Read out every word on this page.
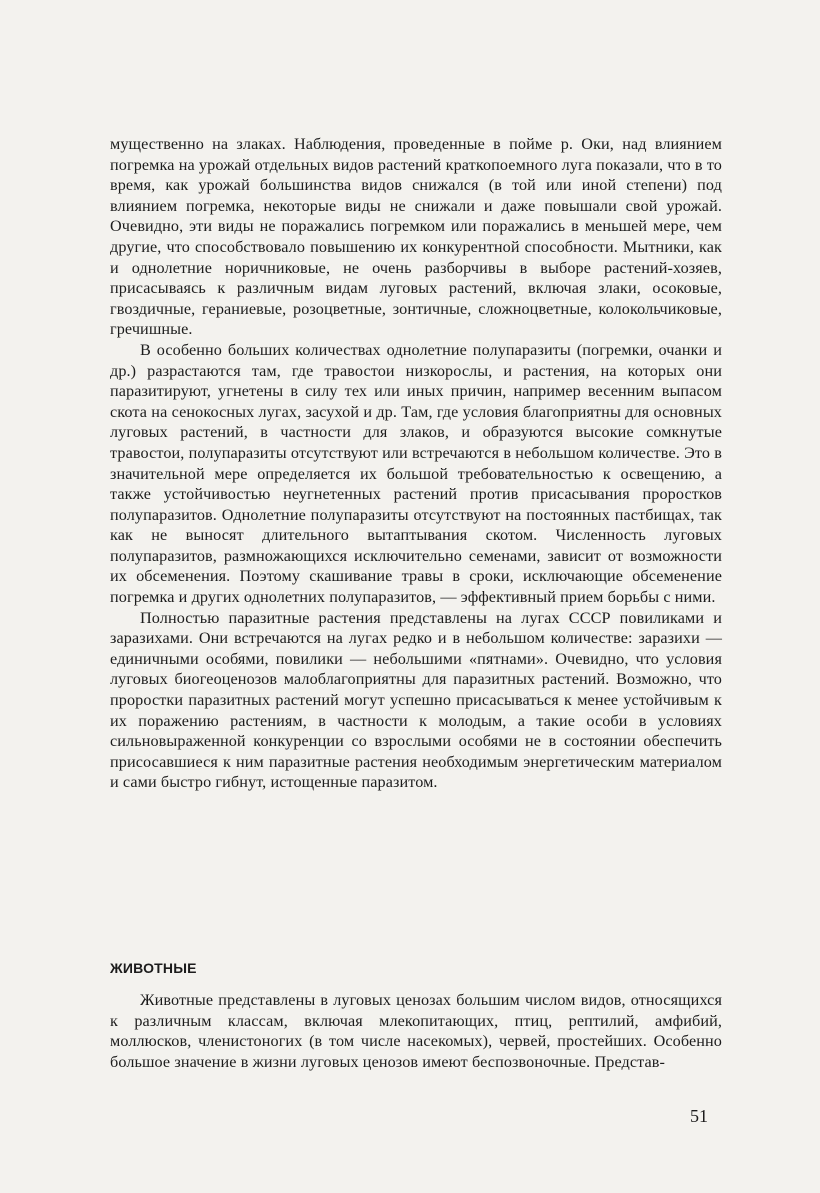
мущественно на злаках. Наблюдения, проведенные в пойме р. Оки, над влиянием погремка на урожай отдельных видов растений краткопоемного луга показали, что в то время, как урожай большинства видов снижался (в той или иной степени) под влиянием погремка, некоторые виды не снижали и даже повышали свой урожай. Очевидно, эти виды не поражались погремком или поражались в меньшей мере, чем другие, что способствовало повышению их конкурентной способности. Мытники, как и однолетние норичниковые, не очень разборчивы в выборе растений-хозяев, присасываясь к различным видам луговых растений, включая злаки, осоковые, гвоздичные, гераниевые, розоцветные, зонтичные, сложноцветные, колокольчиковые, гречишные.

В особенно больших количествах однолетние полупаразиты (погремки, очанки и др.) разрастаются там, где травостои низкорослы, и растения, на которых они паразитируют, угнетены в силу тех или иных причин, например весенним выпасом скота на сенокосных лугах, засухой и др. Там, где условия благоприятны для основных луговых растений, в частности для злаков, и образуются высокие сомкнутые травостои, полупаразиты отсутствуют или встречаются в небольшом количестве. Это в значительной мере определяется их большой требовательностью к освещению, а также устойчивостью неугнетенных растений против присасывания проростков полупаразитов. Однолетние полупаразиты отсутствуют на постоянных пастбищах, так как не выносят длительного вытаптывания скотом. Численность луговых полупаразитов, размножающихся исключительно семенами, зависит от возможности их обсеменения. Поэтому скашивание травы в сроки, исключающие обсеменение погремка и других однолетних полупаразитов, — эффективный прием борьбы с ними.

Полностью паразитные растения представлены на лугах СССР повиликами и заразихами. Они встречаются на лугах редко и в небольшом количестве: заразихи — единичными особями, повилики — небольшими «пятнами». Очевидно, что условия луговых биогеоценозов малоблагоприятны для паразитных растений. Возможно, что проростки паразитных растений могут успешно присасываться к менее устойчивым к их поражению растениям, в частности к молодым, а такие особи в условиях сильновыраженной конкуренции со взрослыми особями не в состоянии обеспечить присосавшиеся к ним паразитные растения необходимым энергетическим материалом и сами быстро гибнут, истощенные паразитом.

ЖИВОТНЫЕ

Животные представлены в луговых ценозах большим числом видов, относящихся к различным классам, включая млекопитающих, птиц, рептилий, амфибий, моллюсков, членистоногих (в том числе насекомых), червей, простейших. Особенно большое значение в жизни луговых ценозов имеют беспозвоночные. Представ-

51
